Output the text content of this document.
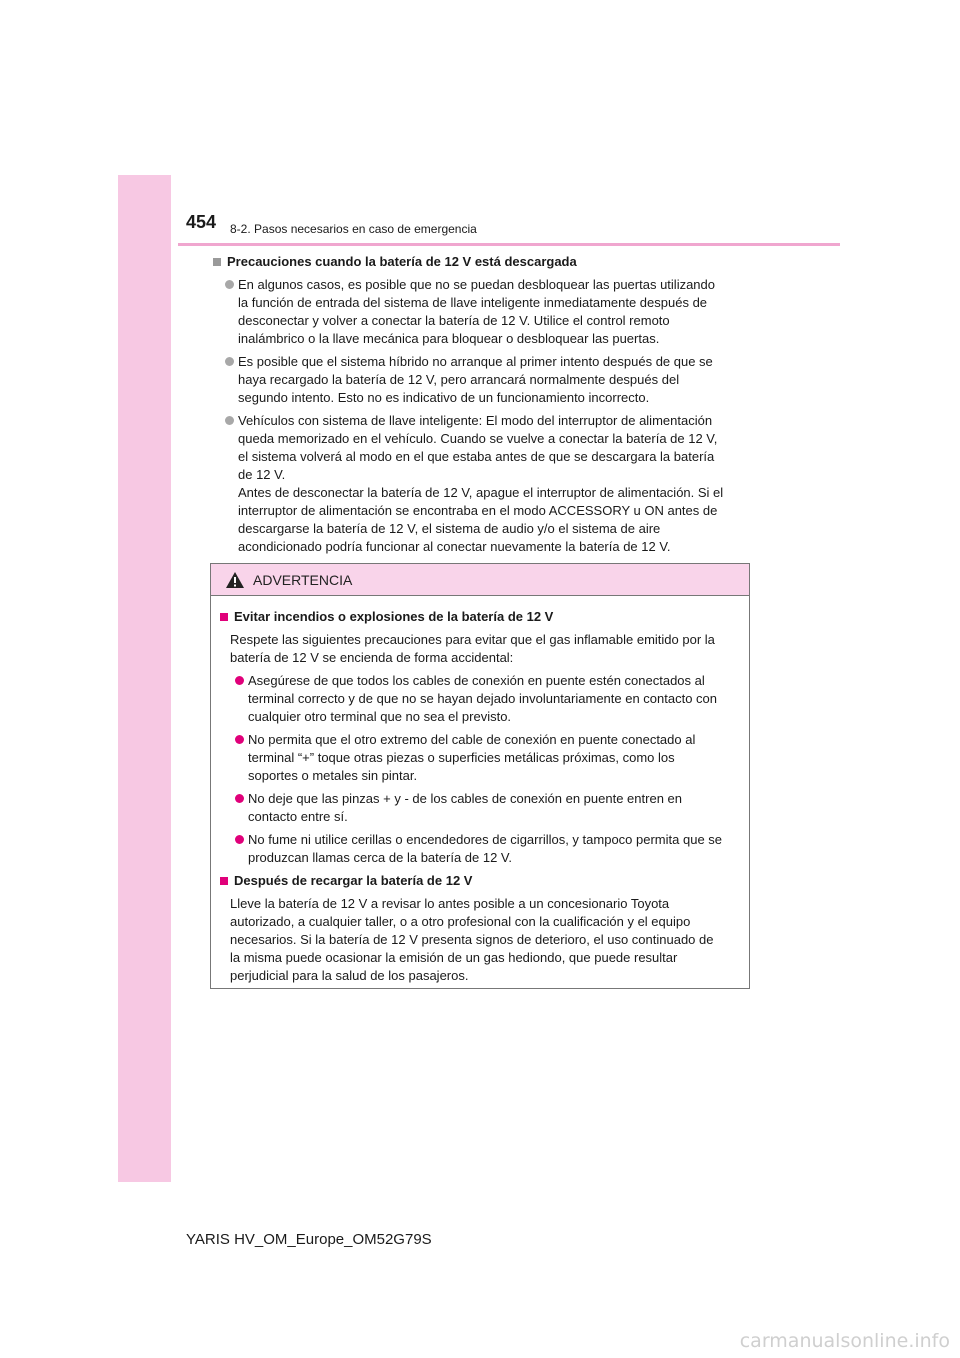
454 8-2. Pasos necesarios en caso de emergencia
Precauciones cuando la batería de 12 V está descargada
En algunos casos, es posible que no se puedan desbloquear las puertas utilizando
la función de entrada del sistema de llave inteligente inmediatamente después de
desconectar y volver a conectar la batería de 12 V. Utilice el control remoto
inalámbrico o la llave mecánica para bloquear o desbloquear las puertas.
Es posible que el sistema híbrido no arranque al primer intento después de que se
haya recargado la batería de 12 V, pero arrancará normalmente después del
segundo intento. Esto no es indicativo de un funcionamiento incorrecto.
Vehículos con sistema de llave inteligente: El modo del interruptor de alimentación
queda memorizado en el vehículo. Cuando se vuelve a conectar la batería de 12 V,
el sistema volverá al modo en el que estaba antes de que se descargara la batería
de 12 V.
Antes de desconectar la batería de 12 V, apague el interruptor de alimentación. Si el
interruptor de alimentación se encontraba en el modo ACCESSORY u ON antes de
descargarse la batería de 12 V, el sistema de audio y/o el sistema de aire
acondicionado podría funcionar al conectar nuevamente la batería de 12 V.
ADVERTENCIA
Evitar incendios o explosiones de la batería de 12 V
Respete las siguientes precauciones para evitar que el gas inflamable emitido por la
batería de 12 V se encienda de forma accidental:
Asegúrese de que todos los cables de conexión en puente estén conectados al
terminal correcto y de que no se hayan dejado involuntariamente en contacto con
cualquier otro terminal que no sea el previsto.
No permita que el otro extremo del cable de conexión en puente conectado al
terminal “+” toque otras piezas o superficies metálicas próximas, como los
soportes o metales sin pintar.
No deje que las pinzas + y - de los cables de conexión en puente entren en
contacto entre sí.
No fume ni utilice cerillas o encendedores de cigarrillos, y tampoco permita que se
produzcan llamas cerca de la batería de 12 V.
Después de recargar la batería de 12 V
Lleve la batería de 12 V a revisar lo antes posible a un concesionario Toyota
autorizado, a cualquier taller, o a otro profesional con la cualificación y el equipo
necesarios. Si la batería de 12 V presenta signos de deterioro, el uso continuado de
la misma puede ocasionar la emisión de un gas hediondo, que puede resultar
perjudicial para la salud de los pasajeros.
YARIS HV_OM_Europe_OM52G79S
carmanualsonline.info
